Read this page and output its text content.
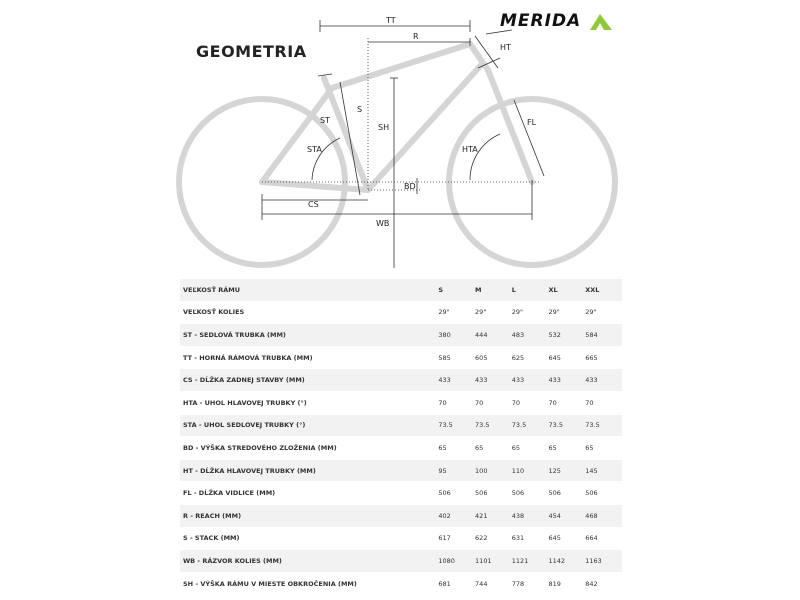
GEOMETRIA
MERIDA
TT
R
HT
S
ST
SH
STA	HTA
FL
BD
CS
WB
VEĽKOSŤ RÁMU	S	M	L	XL	XXL
VEĽKOSŤ KOLIES	29"	29"	29"	29"	29"
ST - SEDLOVÁ TRUBKA (MM)	380	444	483	532	584
TT - HORNÁ RÁMOVÁ TRUBKA (MM)	585	605	625	645	665
CS - DĹŽKA ZADNEJ STAVBY (MM)	433	433	433	433	433
HTA - UHOL HLAVOVEJ TRUBKY (°)	70	70	70	70	70
STA - UHOL SEDLOVEJ TRUBKY (°)	73.5	73.5	73.5	73.5	73.5
BD - VÝŠKA STREDOVÉHO ZLOŽENIA (MM)	65	65	65	65	65
HT - DĹŽKA HLAVOVEJ TRUBKY (MM)	95	100	110	125	145
FL - DĹŽKA VIDLICE (MM)	506	506	506	506	506
R - REACH (MM)	402	421	438	454	468
S - STACK (MM)	617	622	631	645	664
WB - RÁZVOR KOLIES (MM)	1080	1101	1121	1142	1163
SH - VÝŠKA RÁMU V MIESTE OBKROČENIA (MM)	681	744	778	819	842
